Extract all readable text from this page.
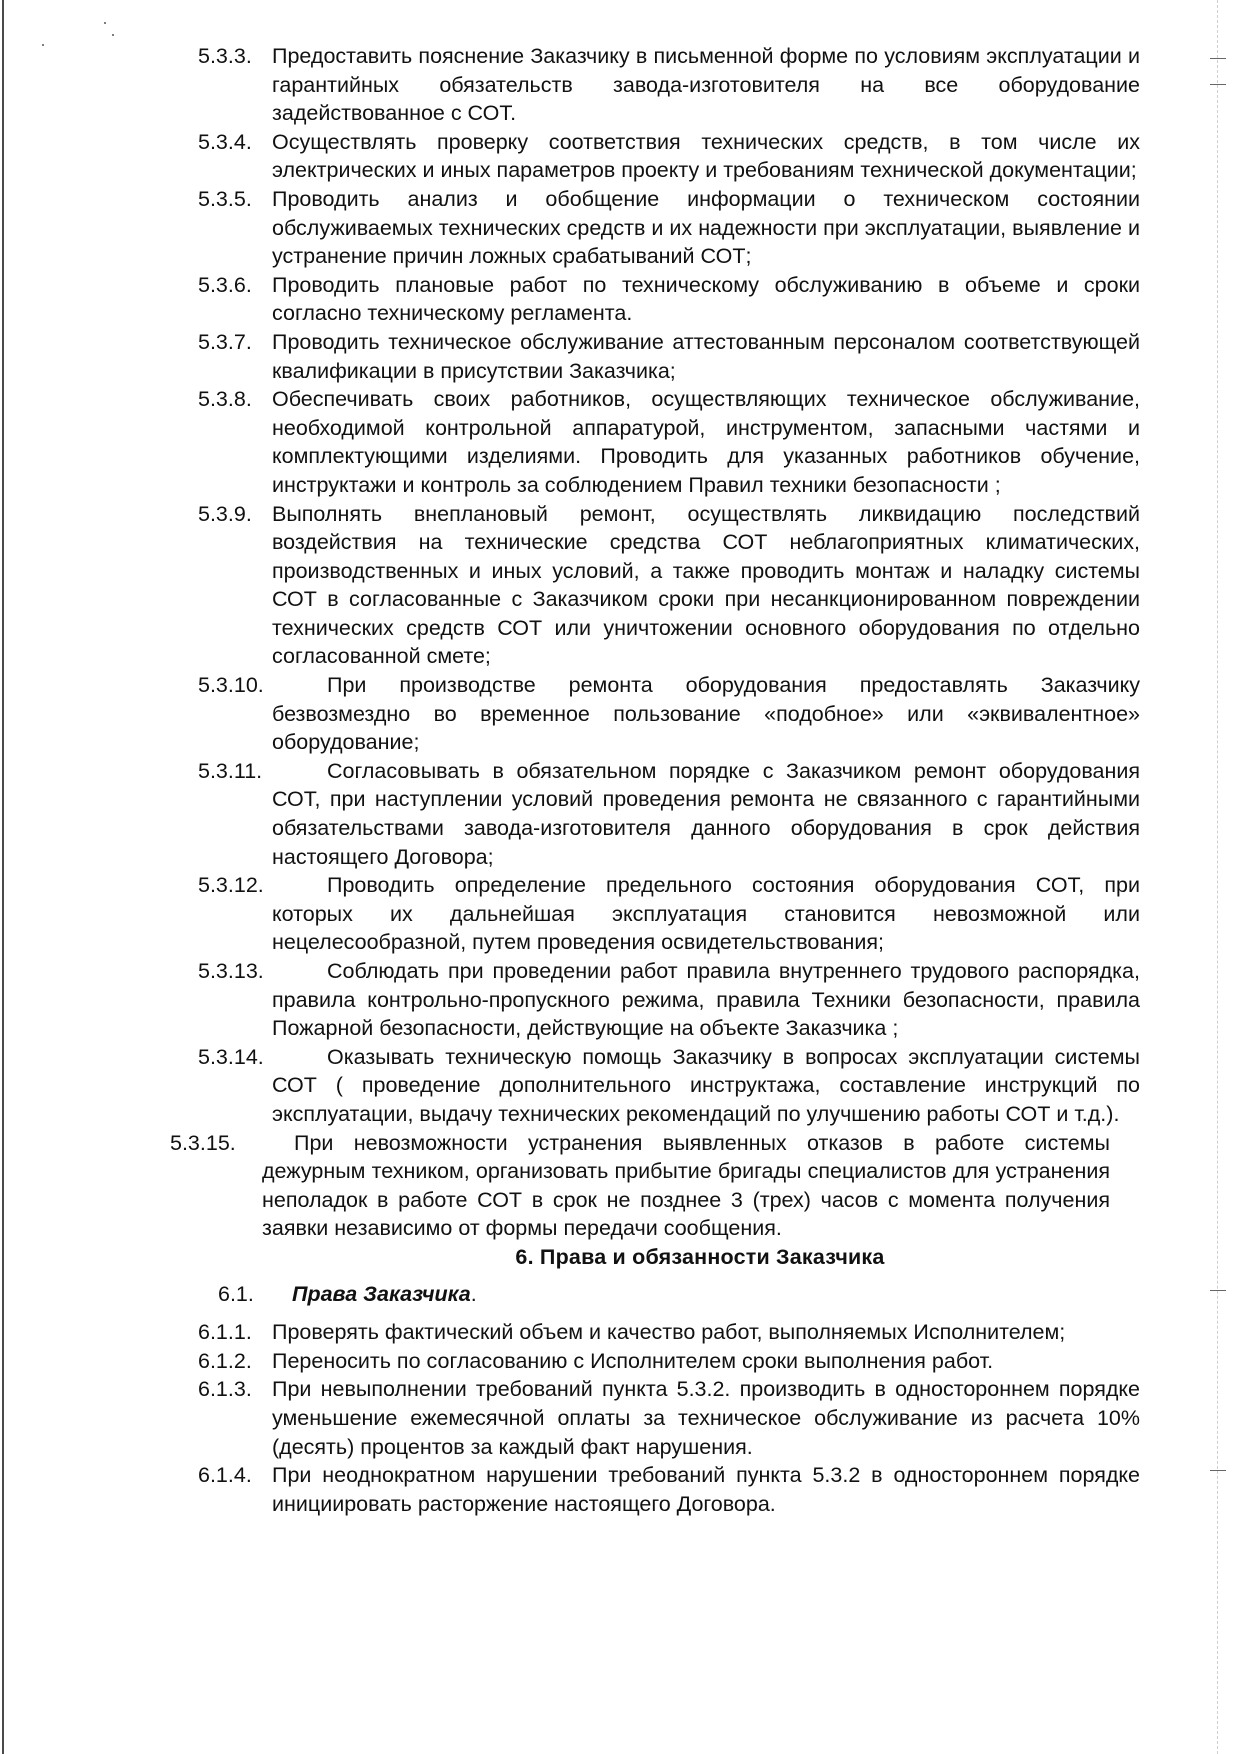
5.3.3. Предоставить пояснение Заказчику в письменной форме по условиям эксплуатации и гарантийных обязательств завода-изготовителя на все оборудование задействованное с СОТ.
5.3.4. Осуществлять проверку соответствия технических средств, в том числе их электрических и иных параметров проекту и требованиям технической документации;
5.3.5. Проводить анализ и обобщение информации о техническом состоянии обслуживаемых технических средств и их надежности при эксплуатации, выявление и устранение причин ложных срабатываний СОТ;
5.3.6. Проводить плановые работ по техническому обслуживанию в объеме и сроки согласно техническому регламента.
5.3.7. Проводить техническое обслуживание аттестованным персоналом соответствующей квалификации в присутствии Заказчика;
5.3.8. Обеспечивать своих работников, осуществляющих техническое обслуживание, необходимой контрольной аппаратурой, инструментом, запасными частями и комплектующими изделиями. Проводить для указанных работников обучение, инструктажи и контроль за соблюдением Правил техники безопасности ;
5.3.9. Выполнять внеплановый ремонт, осуществлять ликвидацию последствий воздействия на технические средства СОТ неблагоприятных климатических, производственных и иных условий, а также проводить монтаж и наладку системы СОТ в согласованные с Заказчиком сроки при несанкционированном повреждении технических средств СОТ или уничтожении основного оборудования по отдельно согласованной смете;
5.3.10.	При производстве ремонта оборудования предоставлять Заказчику безвозмездно во временное пользование «подобное» или «эквивалентное» оборудование;
5.3.11.	Согласовывать в обязательном порядке с Заказчиком ремонт оборудования СОТ, при наступлении условий проведения ремонта не связанного с гарантийными обязательствами завода-изготовителя данного оборудования в срок действия настоящего Договора;
5.3.12.	Проводить определение предельного состояния оборудования СОТ, при которых их дальнейшая эксплуатация становится невозможной или нецелесообразной, путем проведения освидетельствования;
5.3.13.	Соблюдать при проведении работ правила внутреннего трудового распорядка, правила контрольно-пропускного режима, правила Техники безопасности, правила Пожарной безопасности, действующие на объекте Заказчика ;
5.3.14.	Оказывать техническую помощь Заказчику в вопросах эксплуатации системы СОТ ( проведение дополнительного инструктажа, составление инструкций по эксплуатации, выдачу технических рекомендаций по улучшению работы СОТ и т.д.).
5.3.15.	При невозможности устранения выявленных отказов в работе системы дежурным техником, организовать прибытие бригады специалистов для устранения неполадок в работе СОТ в срок не позднее 3 (трех) часов с момента получения заявки независимо от формы передачи сообщения.
6. Права и обязанности Заказчика
6.1. Права Заказчика.
6.1.1. Проверять фактический объем и качество работ, выполняемых Исполнителем;
6.1.2. Переносить по согласованию с Исполнителем сроки выполнения работ.
6.1.3. При невыполнении требований пункта 5.3.2. производить в одностороннем порядке уменьшение ежемесячной оплаты за техническое обслуживание из расчета 10% (десять) процентов за каждый факт нарушения.
6.1.4. При неоднократном нарушении требований пункта 5.3.2 в одностороннем порядке инициировать расторжение настоящего Договора.
